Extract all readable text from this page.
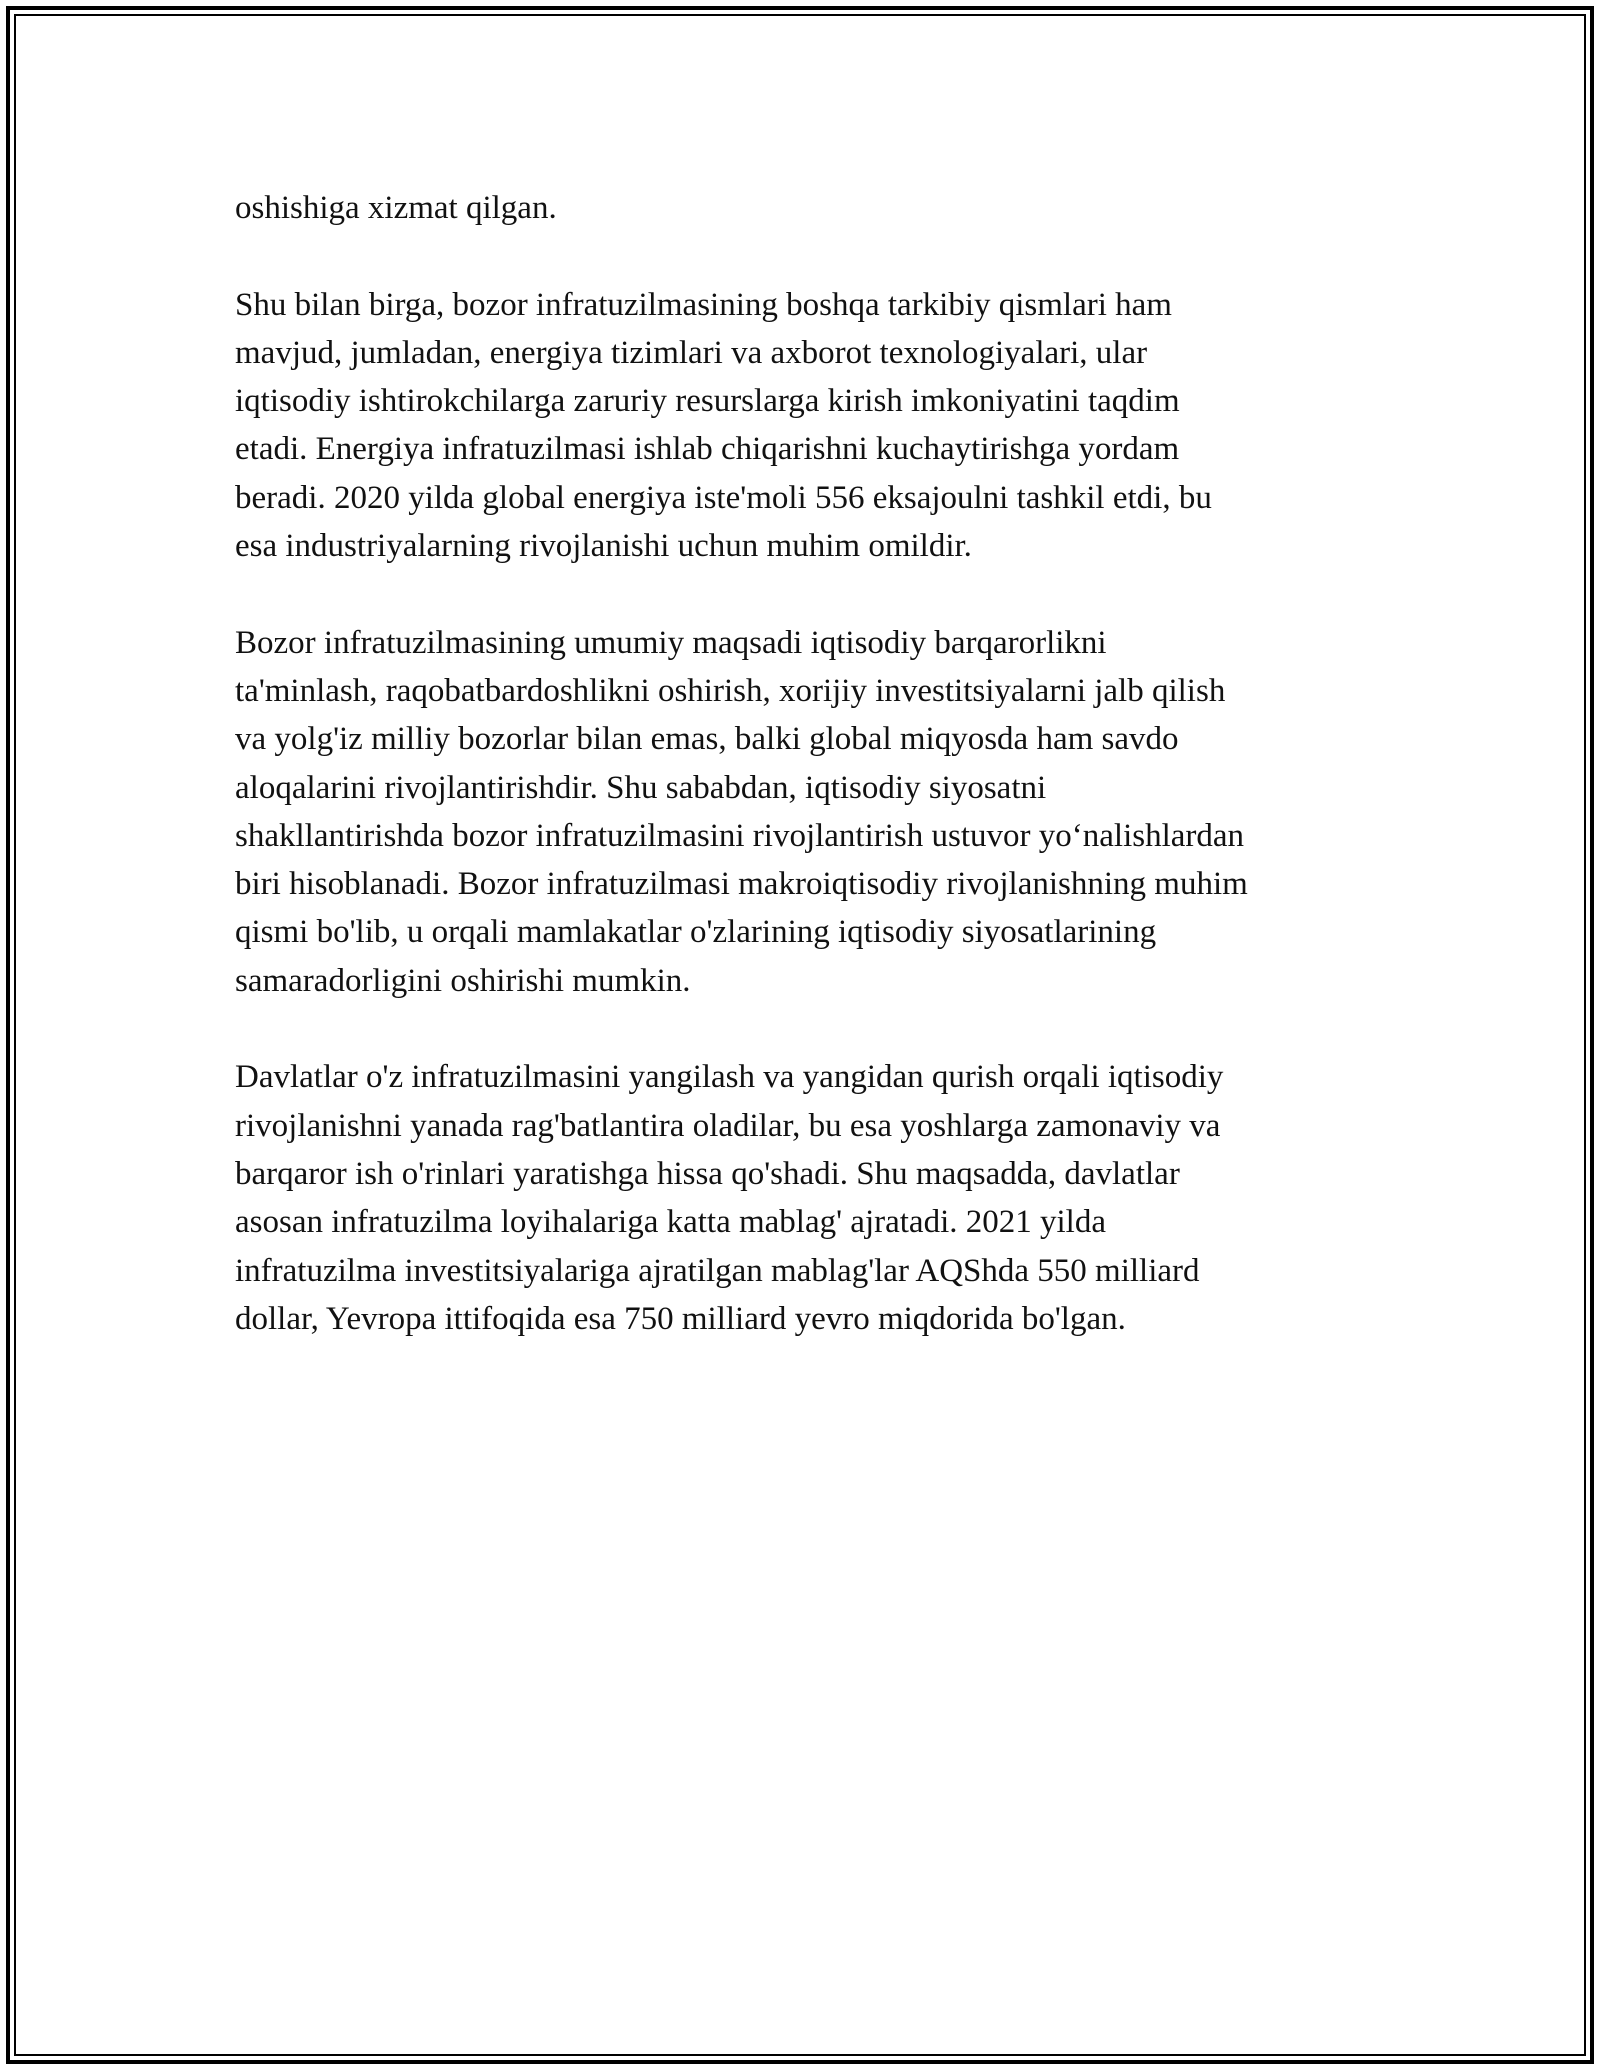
oshishiga xizmat qilgan.

Shu bilan birga, bozor infratuzilmasining boshqa tarkibiy qismlari ham
mavjud, jumladan, energiya tizimlari va axborot texnologiyalari, ular
iqtisodiy ishtirokchilarga zaruriy resurslarga kirish imkoniyatini taqdim
etadi. Energiya infratuzilmasi ishlab chiqarishni kuchaytirishga yordam
beradi. 2020 yilda global energiya iste'moli 556 eksajoulni tashkil etdi, bu
esa industriyalarning rivojlanishi uchun muhim omildir.

Bozor infratuzilmasining umumiy maqsadi iqtisodiy barqarorlikni
ta'minlash, raqobatbardoshlikni oshirish, xorijiy investitsiyalarni jalb qilish
va yolg'iz milliy bozorlar bilan emas, balki global miqyosda ham savdo
aloqalarini rivojlantirishdir. Shu sababdan, iqtisodiy siyosatni
shakllantirishda bozor infratuzilmasini rivojlantirish ustuvor yo‘nalishlardan
biri hisoblanadi. Bozor infratuzilmasi makroiqtisodiy rivojlanishning muhim
qismi bo'lib, u orqali mamlakatlar o'zlarining iqtisodiy siyosatlarining
samaradorligini oshirishi mumkin.

Davlatlar o'z infratuzilmasini yangilash va yangidan qurish orqali iqtisodiy
rivojlanishni yanada rag'batlantira oladilar, bu esa yoshlarga zamonaviy va
barqaror ish o'rinlari yaratishga hissa qo'shadi. Shu maqsadda, davlatlar
asosan infratuzilma loyihalariga katta mablag' ajratadi. 2021 yilda
infratuzilma investitsiyalariga ajratilgan mablag'lar AQShda 550 milliard
dollar, Yevropa ittifoqida esa 750 milliard yevro miqdorida bo'lgan.
